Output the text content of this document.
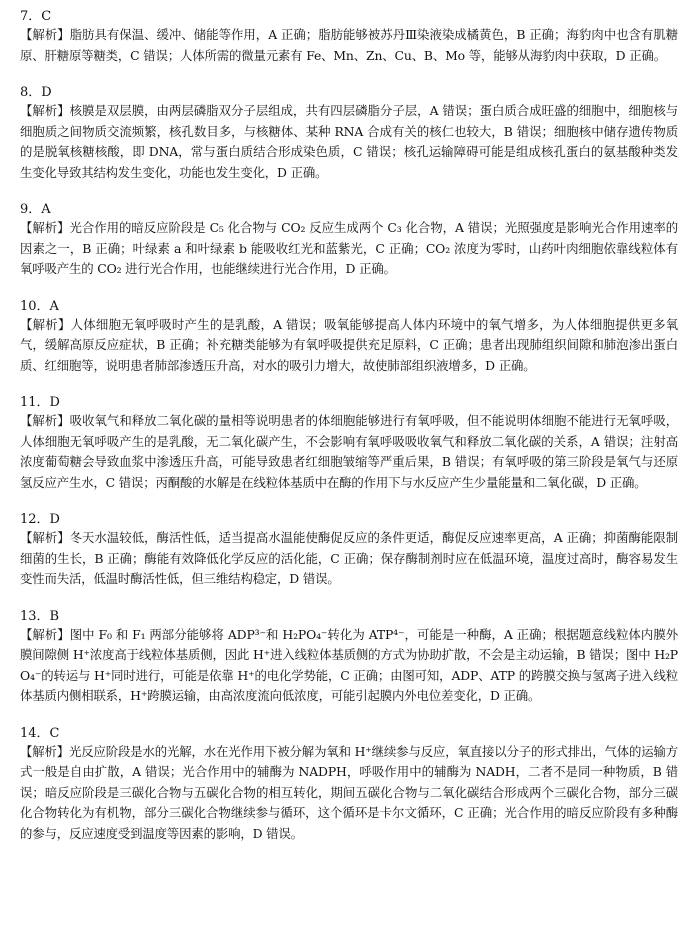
7．C

【解析】脂肪具有保温、缓冲、储能等作用，A 正确；脂肪能够被苏丹Ⅲ染液染成橘黄色，B 正确；海豹肉中也含有肌糖原、肝糖原等糖类，C 错误；人体所需的微量元素有 Fe、Mn、Zn、Cu、B、Mo 等，能够从海豹肉中获取，D 正确。

8．D

【解析】核膜是双层膜，由两层磷脂双分子层组成，共有四层磷脂分子层，A 错误；蛋白质合成旺盛的细胞中，细胞核与细胞质之间物质交流频繁，核孔数目多，与核糖体、某种 RNA 合成有关的核仁也较大，B 错误；细胞核中储存遗传物质的是脱氧核糖核酸，即 DNA，常与蛋白质结合形成染色质，C 错误；核孔运输障碍可能是组成核孔蛋白的氨基酸种类发生变化导致其结构发生变化，功能也发生变化，D 正确。

9．A

【解析】光合作用的暗反应阶段是 C₅ 化合物与 CO₂ 反应生成两个 C₃ 化合物，A 错误；光照强度是影响光合作用速率的因素之一，B 正确；叶绿素 a 和叶绿素 b 能吸收红光和蓝紫光，C 正确；CO₂ 浓度为零时，山药叶肉细胞依靠线粒体有氧呼吸产生的 CO₂ 进行光合作用，也能继续进行光合作用，D 正确。

10．A

【解析】人体细胞无氧呼吸时产生的是乳酸，A 错误；吸氧能够提高人体内环境中的氧气增多，为人体细胞提供更多氧气，缓解高原反应症状，B 正确；补充糖类能够为有氧呼吸提供充足原料，C 正确；患者出现肺组织间隙和肺泡渗出蛋白质、红细胞等，说明患者肺部渗透压升高，对水的吸引力增大，故使肺部组织液增多，D 正确。

11．D

【解析】吸收氧气和释放二氧化碳的量相等说明患者的体细胞能够进行有氧呼吸，但不能说明体细胞不能进行无氧呼吸，人体细胞无氧呼吸产生的是乳酸，无二氧化碳产生，不会影响有氧呼吸吸收氧气和释放二氧化碳的关系，A 错误；注射高浓度葡萄糖会导致血浆中渗透压升高，可能导致患者红细胞皱缩等严重后果，B 错误；有氧呼吸的第三阶段是氧气与还原氢反应产生水，C 错误；丙酮酸的水解是在线粒体基质中在酶的作用下与水反应产生少量能量和二氧化碳，D 正确。

12．D

【解析】冬天水温较低，酶活性低，适当提高水温能使酶促反应的条件更适，酶促反应速率更高，A 正确；抑菌酶能限制细菌的生长，B 正确；酶能有效降低化学反应的活化能，C 正确；保存酶制剂时应在低温环境，温度过高时，酶容易发生变性而失活，低温时酶活性低，但三维结构稳定，D 错误。

13．B

【解析】图中 F₀ 和 F₁ 两部分能够将 ADP³⁻和 H₂PO₄⁻转化为 ATP⁴⁻，可能是一种酶，A 正确；根据题意线粒体内膜外膜间隙侧 H⁺浓度高于线粒体基质侧，因此 H⁺进入线粒体基质侧的方式为协助扩散，不会是主动运输，B 错误；图中 H₂PO₄⁻的转运与 H⁺同时进行，可能是依靠 H⁺的电化学势能，C 正确；由图可知，ADP、ATP 的跨膜交换与氢离子进入线粒体基质内侧相联系，H⁺跨膜运输，由高浓度流向低浓度，可能引起膜内外电位差变化，D 正确。

14．C

【解析】光反应阶段是水的光解，水在光作用下被分解为氧和 H⁺继续参与反应，氧直接以分子的形式排出，气体的运输方式一般是自由扩散，A 错误；光合作用中的辅酶为 NADPH，呼吸作用中的辅酶为 NADH，二者不是同一种物质，B 错误；暗反应阶段是三碳化合物与五碳化合物的相互转化，期间五碳化合物与二氧化碳结合形成两个三碳化合物，部分三碳化合物转化为有机物，部分三碳化合物继续参与循环，这个循环是卡尔文循环，C 正确；光合作用的暗反应阶段有多种酶的参与，反应速度受到温度等因素的影响，D 错误。
